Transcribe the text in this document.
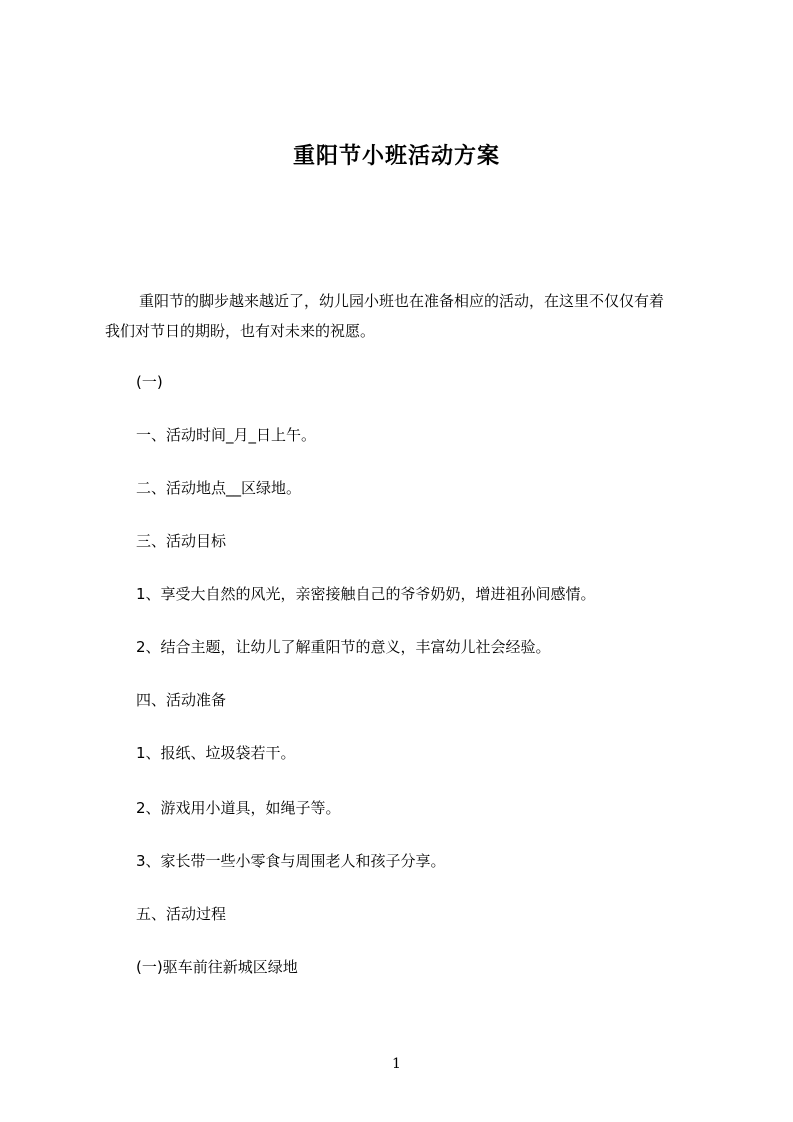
重阳节小班活动方案
重阳节的脚步越来越近了，幼儿园小班也在准备相应的活动，在这里不仅仅有着
我们对节日的期盼，也有对未来的祝愿。
(一)
一、活动时间_月_日上午。
二、活动地点__区绿地。
三、活动目标
1、享受大自然的风光，亲密接触自己的爷爷奶奶，增进祖孙间感情。
2、结合主题，让幼儿了解重阳节的意义，丰富幼儿社会经验。
四、活动准备
1、报纸、垃圾袋若干。
2、游戏用小道具，如绳子等。
3、家长带一些小零食与周围老人和孩子分享。
五、活动过程
(一)驱车前往新城区绿地
1
